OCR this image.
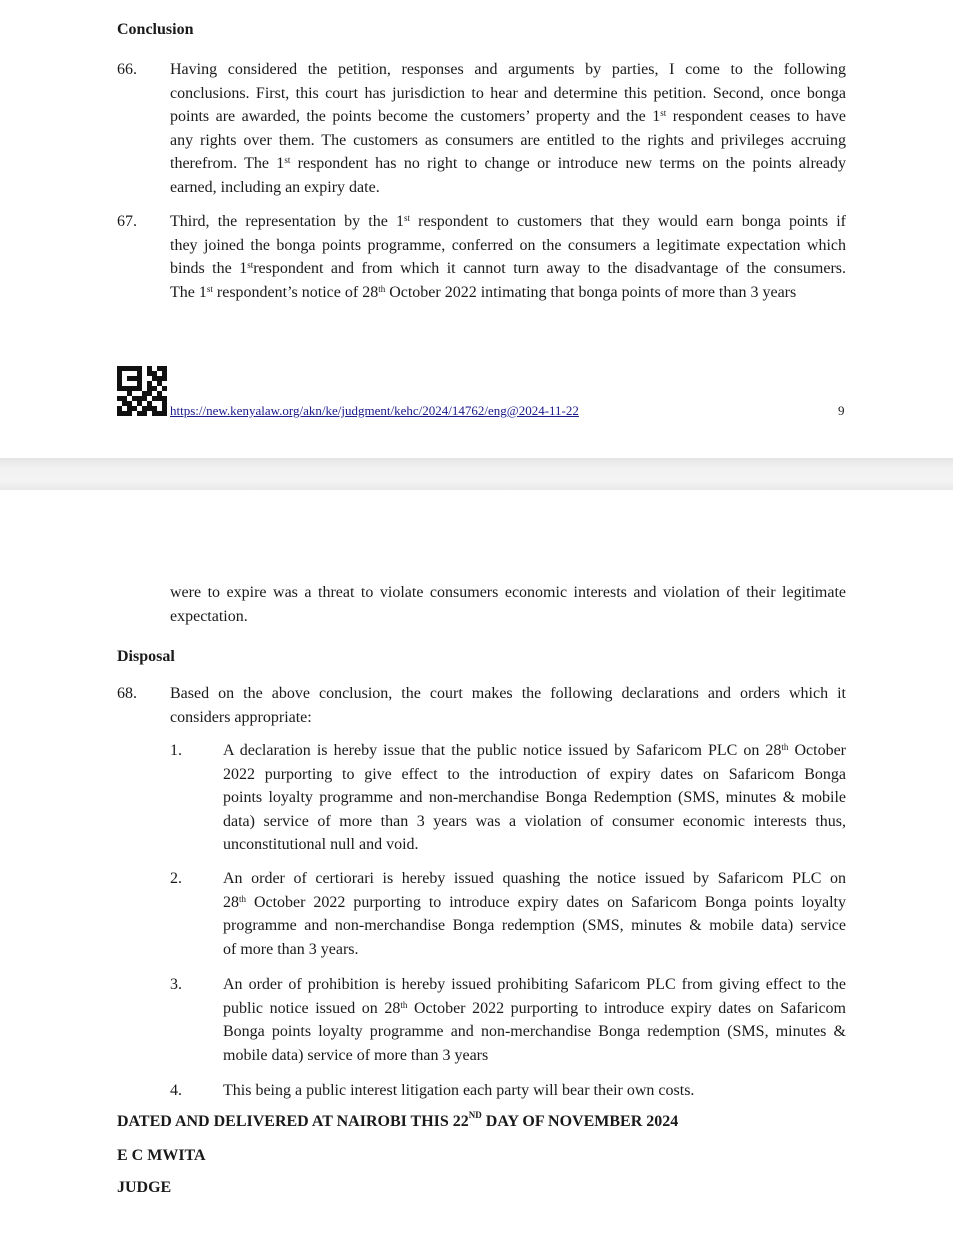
Conclusion
66. Having considered the petition, responses and arguments by parties, I come to the following
conclusions. First, this court has jurisdiction to hear and determine this petition. Second, once bonga
points are awarded, the points become the customers’ property and the 1st respondent ceases to have
any rights over them. The customers as consumers are entitled to the rights and privileges accruing
therefrom. The 1st respondent has no right to change or introduce new terms on the points already
earned, including an expiry date.
67. Third, the representation by the 1st respondent to customers that they would earn bonga points if
they joined the bonga points programme, conferred on the consumers a legitimate expectation which
binds the 1strespondent and from which it cannot turn away to the disadvantage of the consumers.
The 1st respondent’s notice of 28th October 2022 intimating that bonga points of more than 3 years
https://new.kenyalaw.org/akn/ke/judgment/kehc/2024/14762/eng@2024-11-22	9
were to expire was a threat to violate consumers economic interests and violation of their legitimate
expectation.
Disposal
68. Based on the above conclusion, the court makes the following declarations and orders which it
considers appropriate:
1.	A declaration is hereby issue that the public notice issued by Safaricom PLC on 28th October
2022 purporting to give effect to the introduction of expiry dates on Safaricom Bonga
points loyalty programme and non-merchandise Bonga Redemption (SMS, minutes & mobile
data) service of more than 3 years was a violation of consumer economic interests thus,
unconstitutional null and void.
2.	An order of certiorari is hereby issued quashing the notice issued by Safaricom PLC on
28th October 2022 purporting to introduce expiry dates on Safaricom Bonga points loyalty
programme and non-merchandise Bonga redemption (SMS, minutes & mobile data) service
of more than 3 years.
3.	An order of prohibition is hereby issued prohibiting Safaricom PLC from giving effect to the
public notice issued on 28th October 2022 purporting to introduce expiry dates on Safaricom
Bonga points loyalty programme and non-merchandise Bonga redemption (SMS, minutes &
mobile data) service of more than 3 years
4.	This being a public interest litigation each party will bear their own costs.
DATED AND DELIVERED AT NAIROBI THIS 22ND DAY OF NOVEMBER 2024
E C MWITA
JUDGE
